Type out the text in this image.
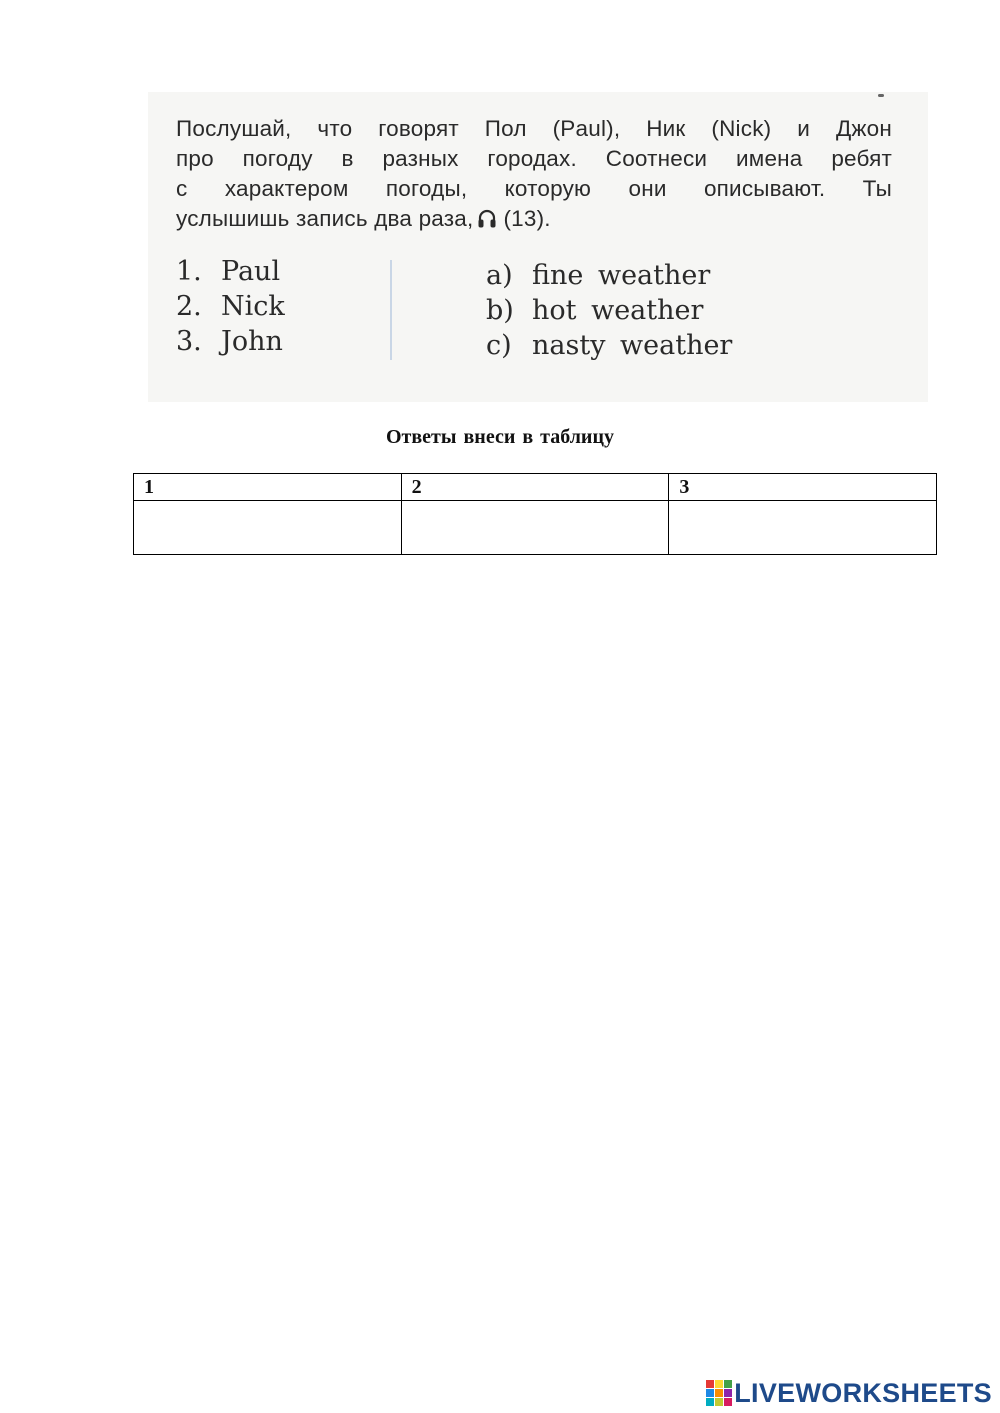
Послушай, что говорят Пол (Paul), Ник (Nick) и Джон
про погоду в разных городах. Соотнеси имена ребят
с характером погоды, которую они описывают. Ты
услышишь запись два раза, (13).
1. Paul
2. Nick
3. John
a) fine weather
b) hot weather
c) nasty weather
Ответы внеси в таблицу
1	2	3

LIVEWORKSHEETS
